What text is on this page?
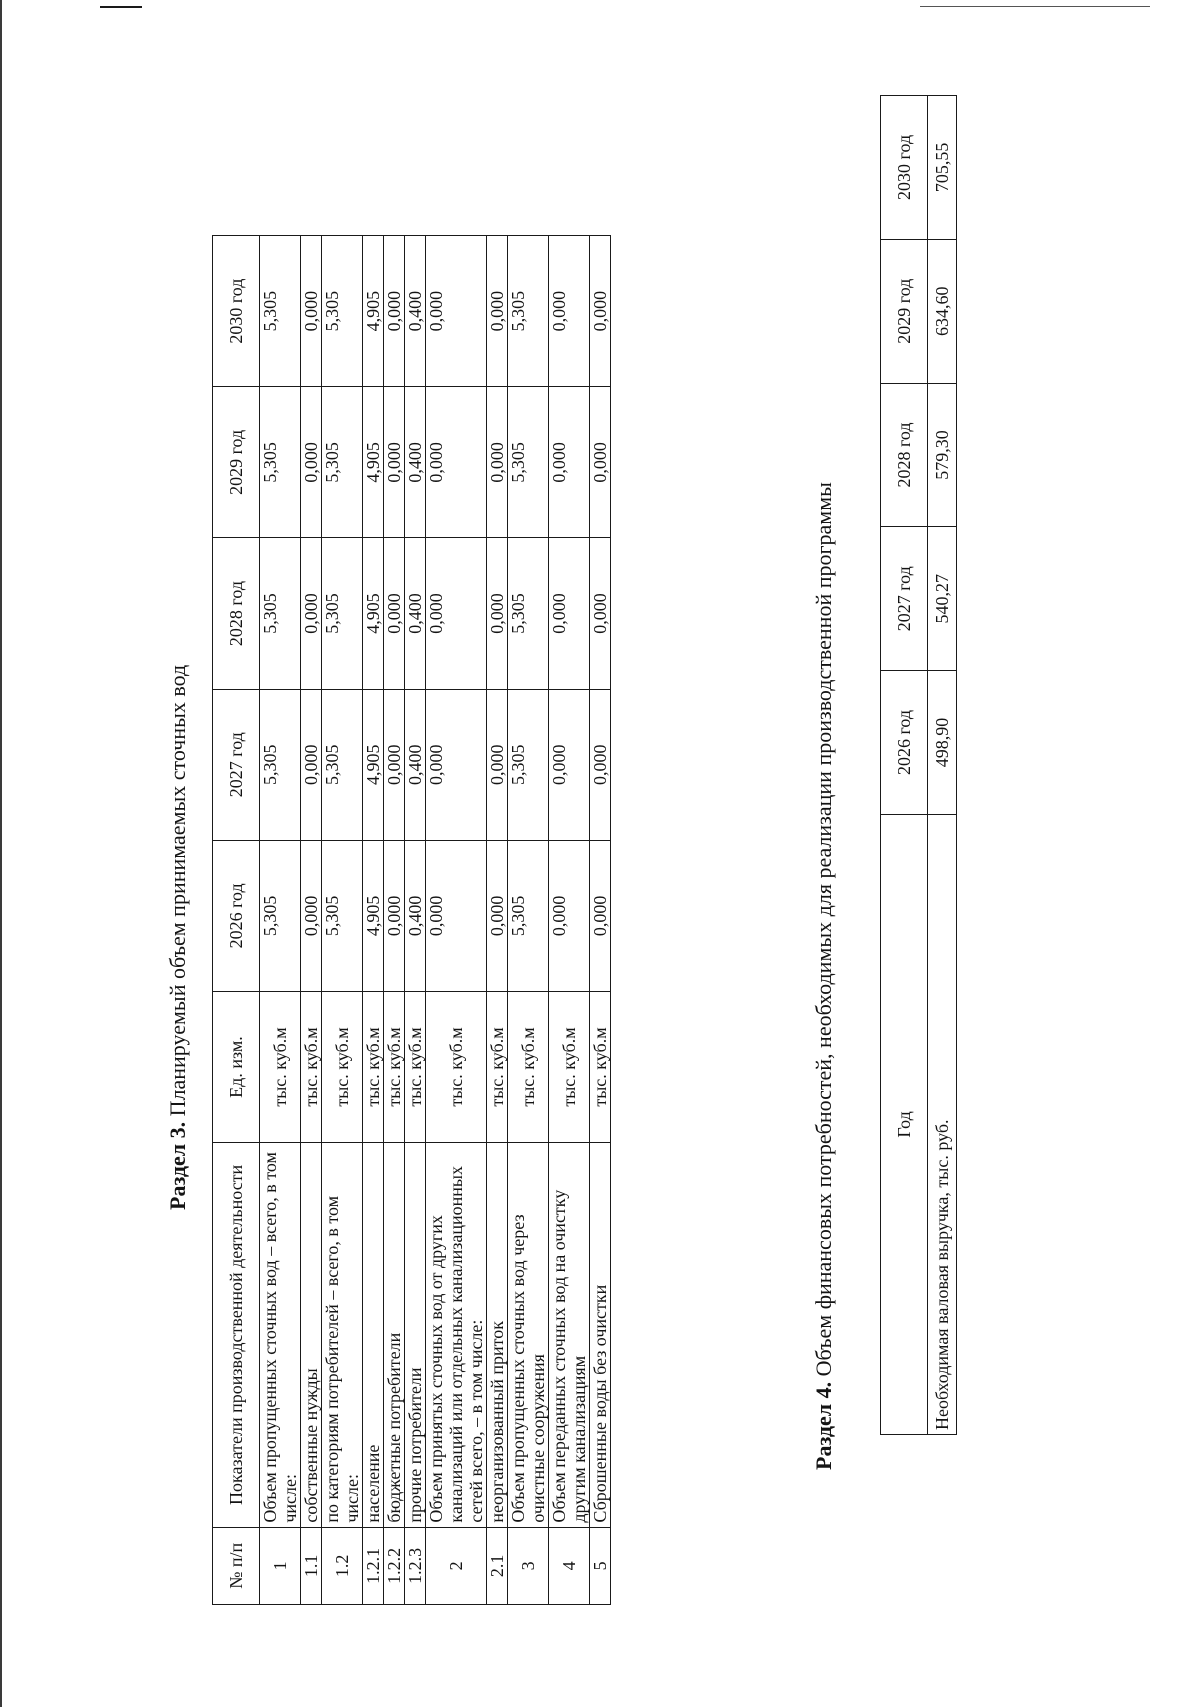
Раздел 3. Планируемый объем принимаемых сточных вод
№ п/п	Показатели производственной деятельности	Ед. изм.	2026 год	2027 год	2028 год	2029 год	2030 год
1	Объем пропущенных сточных вод – всего, в том числе:	тыс. куб.м	5,305	5,305	5,305	5,305	5,305
1.1	собственные нужды	тыс. куб.м	0,000	0,000	0,000	0,000	0,000
1.2	по категориям потребителей – всего, в том числе:	тыс. куб.м	5,305	5,305	5,305	5,305	5,305
1.2.1	население	тыс. куб.м	4,905	4,905	4,905	4,905	4,905
1.2.2	бюджетные потребители	тыс. куб.м	0,000	0,000	0,000	0,000	0,000
1.2.3	прочие потребители	тыс. куб.м	0,400	0,400	0,400	0,400	0,400
2	Объем принятых сточных вод от других канализаций или отдельных канализационных сетей всего, – в том числе:	тыс. куб.м	0,000	0,000	0,000	0,000	0,000
2.1	неорганизованный приток	тыс. куб.м	0,000	0,000	0,000	0,000	0,000
3	Объем пропущенных сточных вод через очистные сооружения	тыс. куб.м	5,305	5,305	5,305	5,305	5,305
4	Объем переданных сточных вод на очистку другим канализациям	тыс. куб.м	0,000	0,000	0,000	0,000	0,000
5	Сброшенные воды без очистки	тыс. куб.м	0,000	0,000	0,000	0,000	0,000
Раздел 4. Объем финансовых потребностей, необходимых для реализации производственной программы	Год	2026 год	2027 год	2028 год	2029 год	2030 год
Необходимая валовая выручка, тыс. руб.	498,90	540,27	579,30	634,60	705,55
